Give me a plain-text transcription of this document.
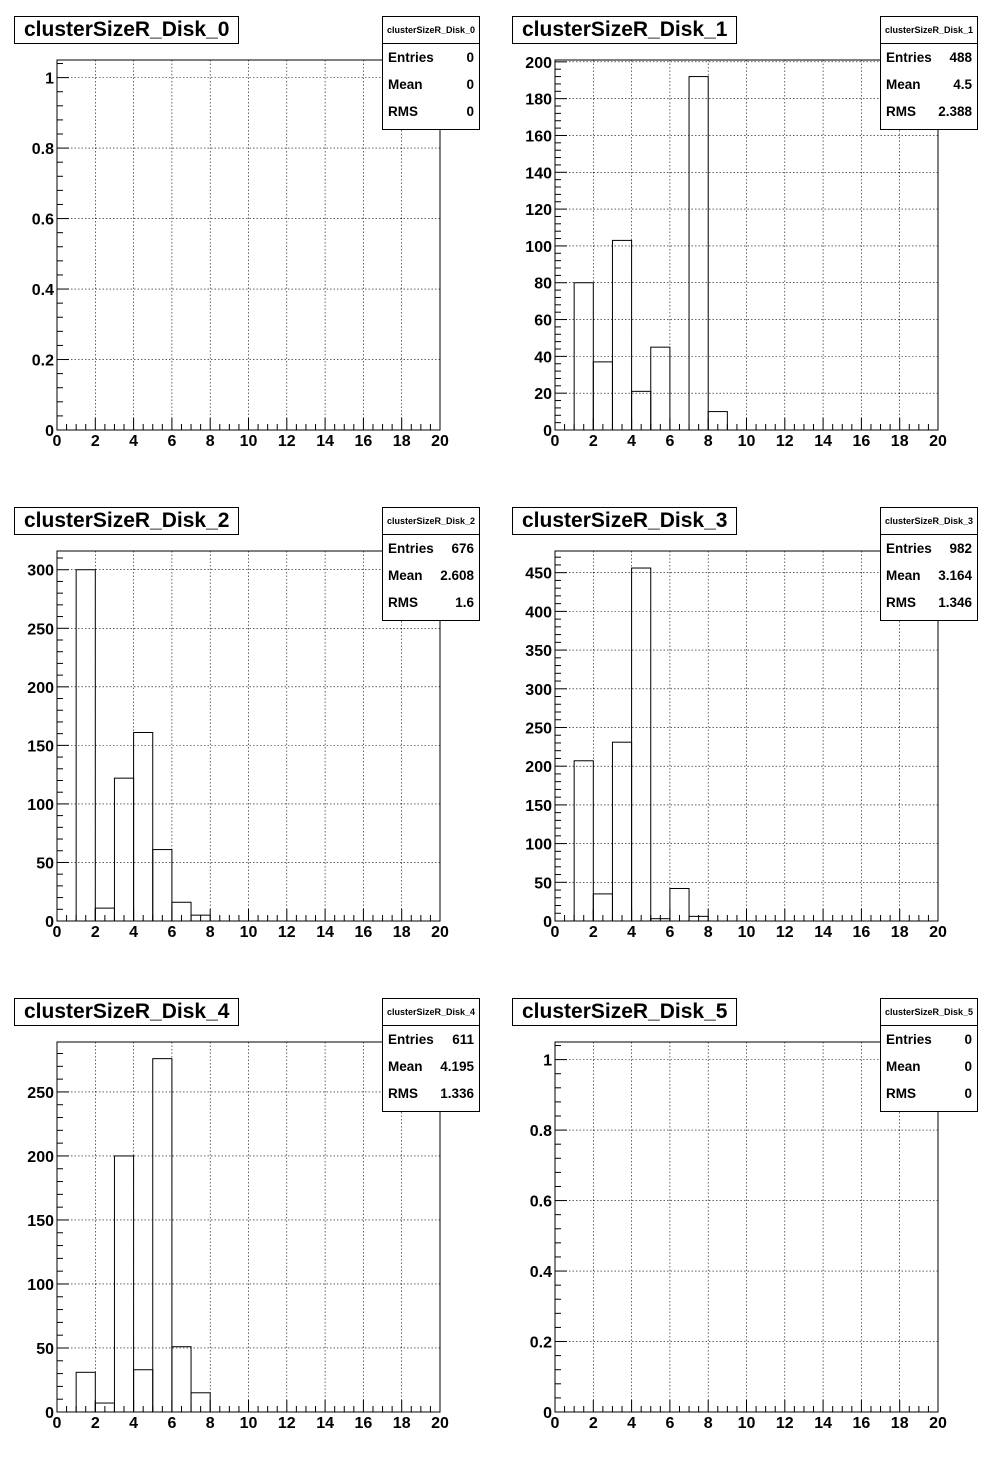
0 2 4 6 8 10 12 14 16 18 20
0
0.2
0.4
0.6
0.8
1
0 2 4 6 8 10 12 14 16 18 20
0
20
40
60
80
100
120
140
160
180
200
0 2 4 6 8 10 12 14 16 18 20
0
50
100
150
200
250
300
0 2 4 6 8 10 12 14 16 18 20
0
50
100
150
200
250
300
350
400
450
0 2 4 6 8 10 12 14 16 18 20
0
50
100
150
200
250
0 2 4 6 8 10 12 14 16 18 20
0
0.2
0.4
0.6
0.8
1
clusterSizeR_Disk_0	clusterSizeR_Disk_0
Entries 0
Mean	0
RMS	0
clusterSizeR_Disk_1	clusterSizeR_Disk_1
Entries 488
Mean 4.5
RMS 2.388
clusterSizeR_Disk_2	clusterSizeR_Disk_2
Entries 676
Mean 2.608
RMS	1.6
clusterSizeR_Disk_3	clusterSizeR_Disk_3
Entries 982
Mean 3.164
RMS 1.346
clusterSizeR_Disk_4	clusterSizeR_Disk_4
Entries 611
Mean 4.195
RMS 1.336
clusterSizeR_Disk_5	clusterSizeR_Disk_5
Entries 0
Mean	0
RMS	0
